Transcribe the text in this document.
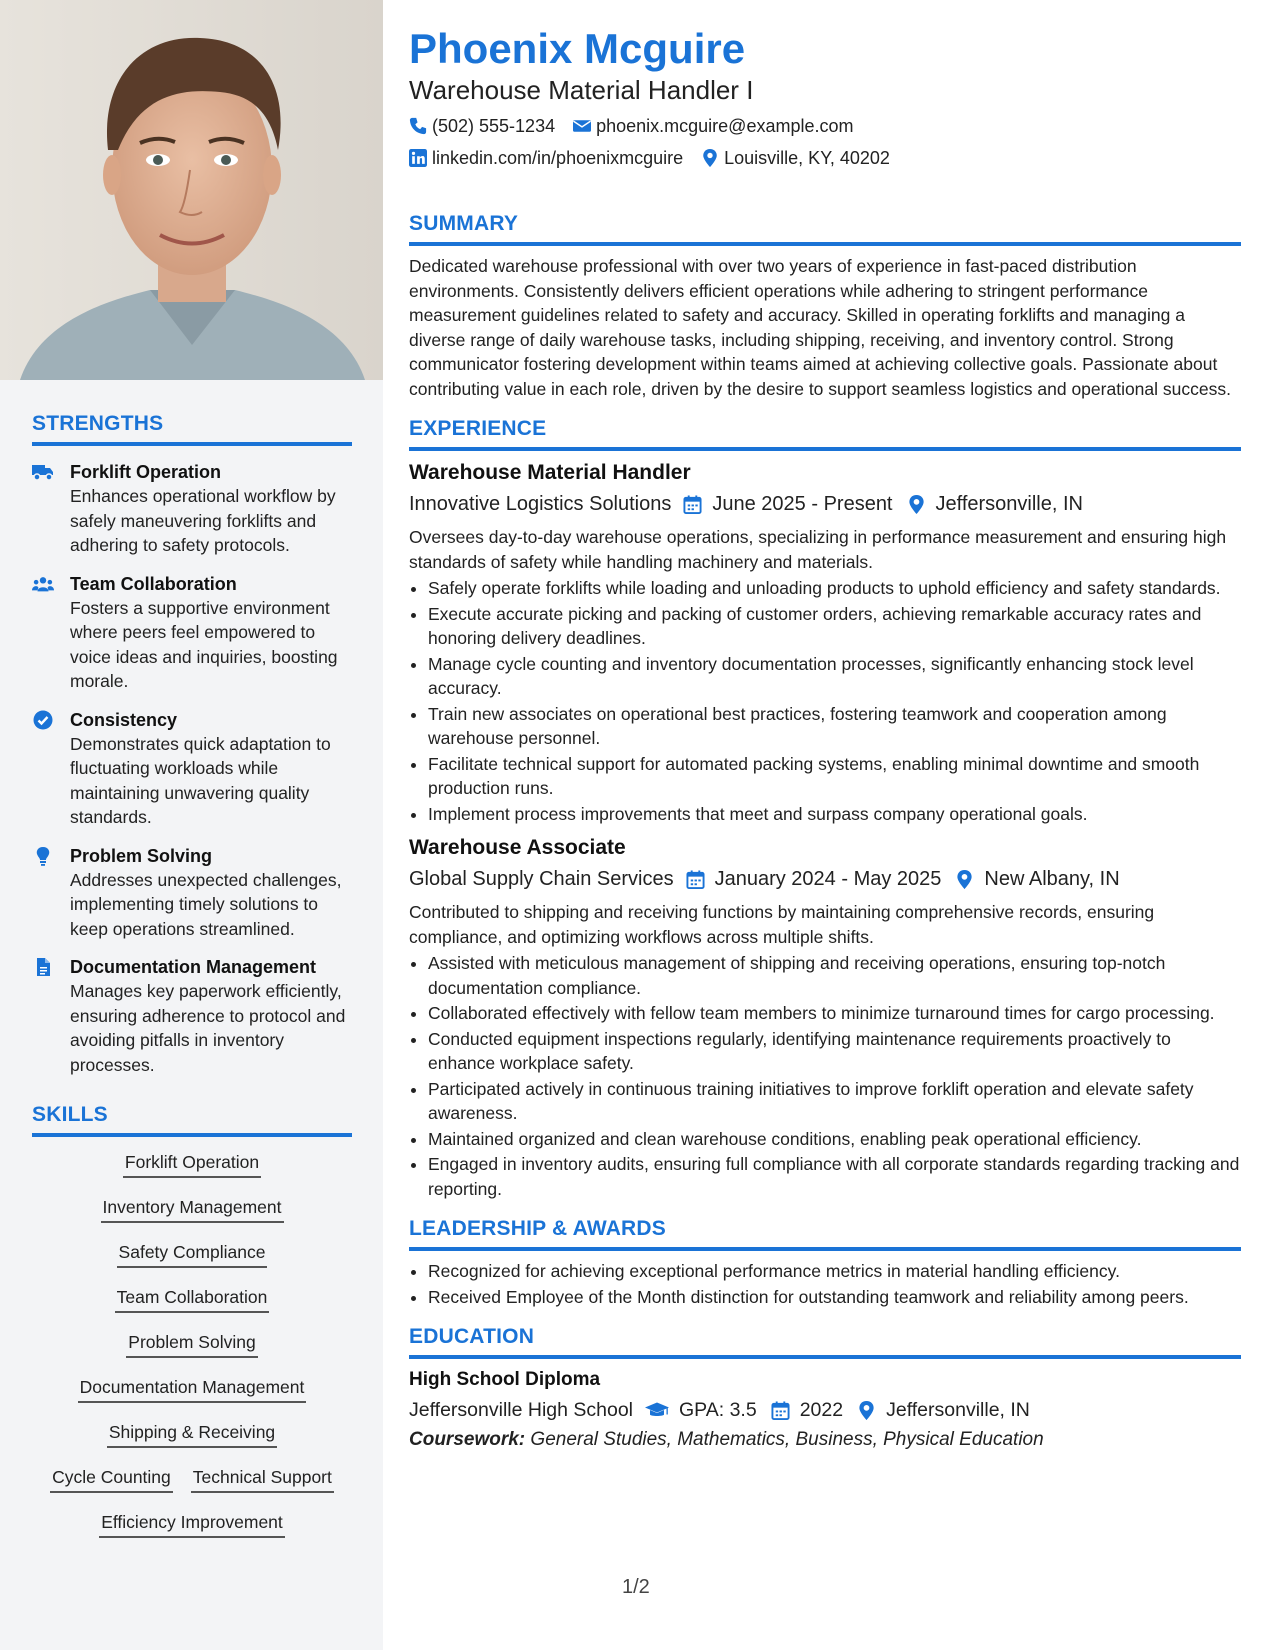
STRENGTHS
Forklift Operation
Enhances operational workflow by safely maneuvering forklifts and adhering to safety protocols.
Team Collaboration
Fosters a supportive environment where peers feel empowered to voice ideas and inquiries, boosting morale.
Consistency
Demonstrates quick adaptation to fluctuating workloads while maintaining unwavering quality standards.
Problem Solving
Addresses unexpected challenges, implementing timely solutions to keep operations streamlined.
Documentation Management
Manages key paperwork efficiently, ensuring adherence to protocol and avoiding pitfalls in inventory processes.
SKILLS
Forklift Operation
Inventory Management
Safety Compliance
Team Collaboration
Problem Solving
Documentation Management
Shipping & Receiving
Cycle Counting Technical Support
Efficiency Improvement
Phoenix Mcguire
Warehouse Material Handler I
(502) 555-1234 phoenix.mcguire@example.com
linkedin.com/in/phoenixmcguire Louisville, KY, 40202
SUMMARY
Dedicated warehouse professional with over two years of experience in fast-paced distribution environments. Consistently delivers efficient operations while adhering to stringent performance measurement guidelines related to safety and accuracy. Skilled in operating forklifts and managing a diverse range of daily warehouse tasks, including shipping, receiving, and inventory control. Strong communicator fostering development within teams aimed at achieving collective goals. Passionate about contributing value in each role, driven by the desire to support seamless logistics and operational success.
EXPERIENCE
Warehouse Material Handler
Innovative Logistics Solutions June 2025 - Present Jeffersonville, IN
Oversees day-to-day warehouse operations, specializing in performance measurement and ensuring high standards of safety while handling machinery and materials.
• Safely operate forklifts while loading and unloading products to uphold efficiency and safety standards.
• Execute accurate picking and packing of customer orders, achieving remarkable accuracy rates and honoring delivery deadlines.
• Manage cycle counting and inventory documentation processes, significantly enhancing stock level accuracy.
• Train new associates on operational best practices, fostering teamwork and cooperation among warehouse personnel.
• Facilitate technical support for automated packing systems, enabling minimal downtime and smooth production runs.
• Implement process improvements that meet and surpass company operational goals.
Warehouse Associate
Global Supply Chain Services January 2024 - May 2025 New Albany, IN
Contributed to shipping and receiving functions by maintaining comprehensive records, ensuring compliance, and optimizing workflows across multiple shifts.
• Assisted with meticulous management of shipping and receiving operations, ensuring top-notch documentation compliance.
• Collaborated effectively with fellow team members to minimize turnaround times for cargo processing.
• Conducted equipment inspections regularly, identifying maintenance requirements proactively to enhance workplace safety.
• Participated actively in continuous training initiatives to improve forklift operation and elevate safety awareness.
• Maintained organized and clean warehouse conditions, enabling peak operational efficiency.
• Engaged in inventory audits, ensuring full compliance with all corporate standards regarding tracking and reporting.
LEADERSHIP & AWARDS
• Recognized for achieving exceptional performance metrics in material handling efficiency.
• Received Employee of the Month distinction for outstanding teamwork and reliability among peers.
EDUCATION
High School Diploma
Jeffersonville High School GPA: 3.5 2022 Jeffersonville, IN
Coursework: General Studies, Mathematics, Business, Physical Education
1/2
